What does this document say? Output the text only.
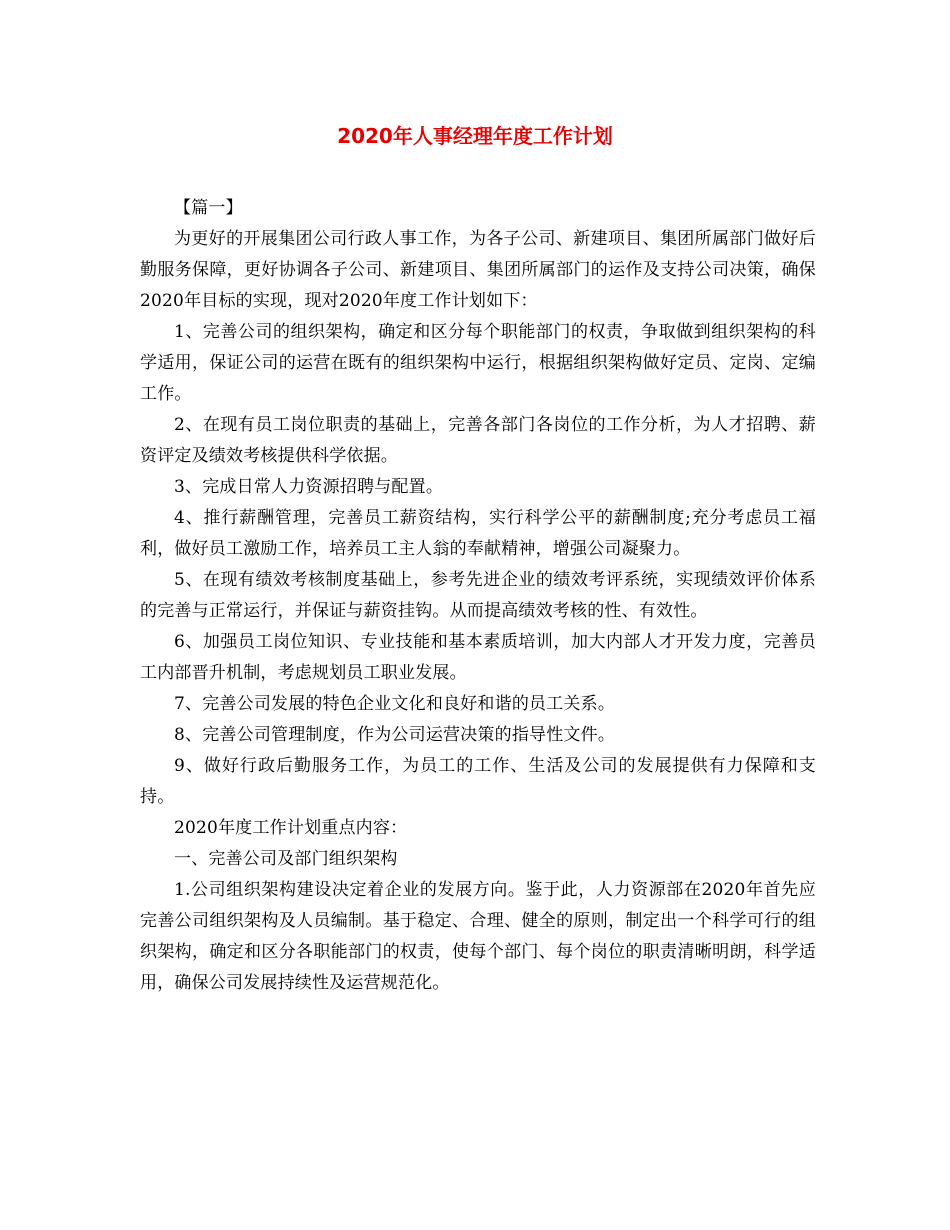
2020年人事经理年度工作计划

【篇一】

为更好的开展集团公司行政人事工作，为各子公司、新建项目、集团所属部门做好后勤服务保障，更好协调各子公司、新建项目、集团所属部门的运作及支持公司决策，确保2020年目标的实现，现对2020年度工作计划如下：

1、完善公司的组织架构，确定和区分每个职能部门的权责，争取做到组织架构的科学适用，保证公司的运营在既有的组织架构中运行，根据组织架构做好定员、定岗、定编工作。

2、在现有员工岗位职责的基础上，完善各部门各岗位的工作分析，为人才招聘、薪资评定及绩效考核提供科学依据。

3、完成日常人力资源招聘与配置。

4、推行薪酬管理，完善员工薪资结构，实行科学公平的薪酬制度;充分考虑员工福利，做好员工激励工作，培养员工主人翁的奉献精神，增强公司凝聚力。

5、在现有绩效考核制度基础上，参考先进企业的绩效考评系统，实现绩效评价体系的完善与正常运行，并保证与薪资挂钩。从而提高绩效考核的性、有效性。

6、加强员工岗位知识、专业技能和基本素质培训，加大内部人才开发力度，完善员工内部晋升机制，考虑规划员工职业发展。

7、完善公司发展的特色企业文化和良好和谐的员工关系。

8、完善公司管理制度，作为公司运营决策的指导性文件。

9、做好行政后勤服务工作，为员工的工作、生活及公司的发展提供有力保障和支持。

2020年度工作计划重点内容：

一、完善公司及部门组织架构

1.公司组织架构建设决定着企业的发展方向。鉴于此，人力资源部在2020年首先应完善公司组织架构及人员编制。基于稳定、合理、健全的原则，制定出一个科学可行的组织架构，确定和区分各职能部门的权责，使每个部门、每个岗位的职责清晰明朗，科学适用，确保公司发展持续性及运营规范化。
